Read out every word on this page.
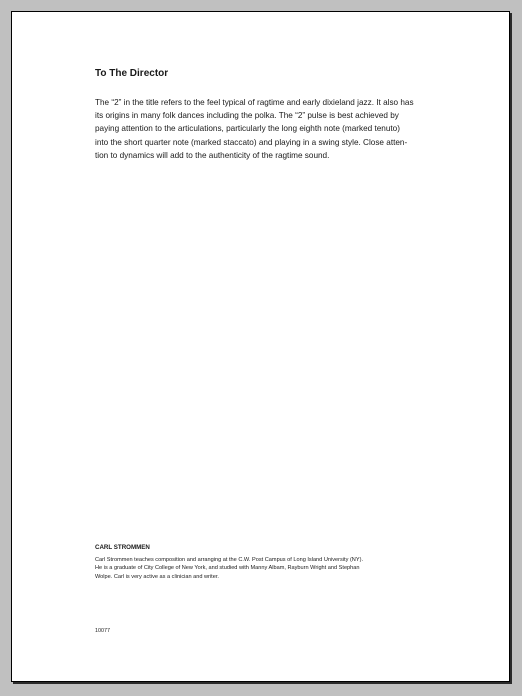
To The Director

The “2” in the title refers to the feel typical of ragtime and early dixieland jazz. It also has
its origins in many folk dances including the polka. The “2” pulse is best achieved by
paying attention to the articulations, particularly the long eighth note (marked tenuto)
into the short quarter note (marked staccato) and playing in a swing style. Close atten-
tion to dynamics will add to the authenticity of the ragtime sound.

CARL STROMMEN

Carl Strommen teaches composition and arranging at the C.W. Post Campus of Long Island University (NY).
He is a graduate of City College of New York, and studied with Manny Albam, Rayburn Wright and Stephan
Wolpe. Carl is very active as a clinician and writer.

10077
